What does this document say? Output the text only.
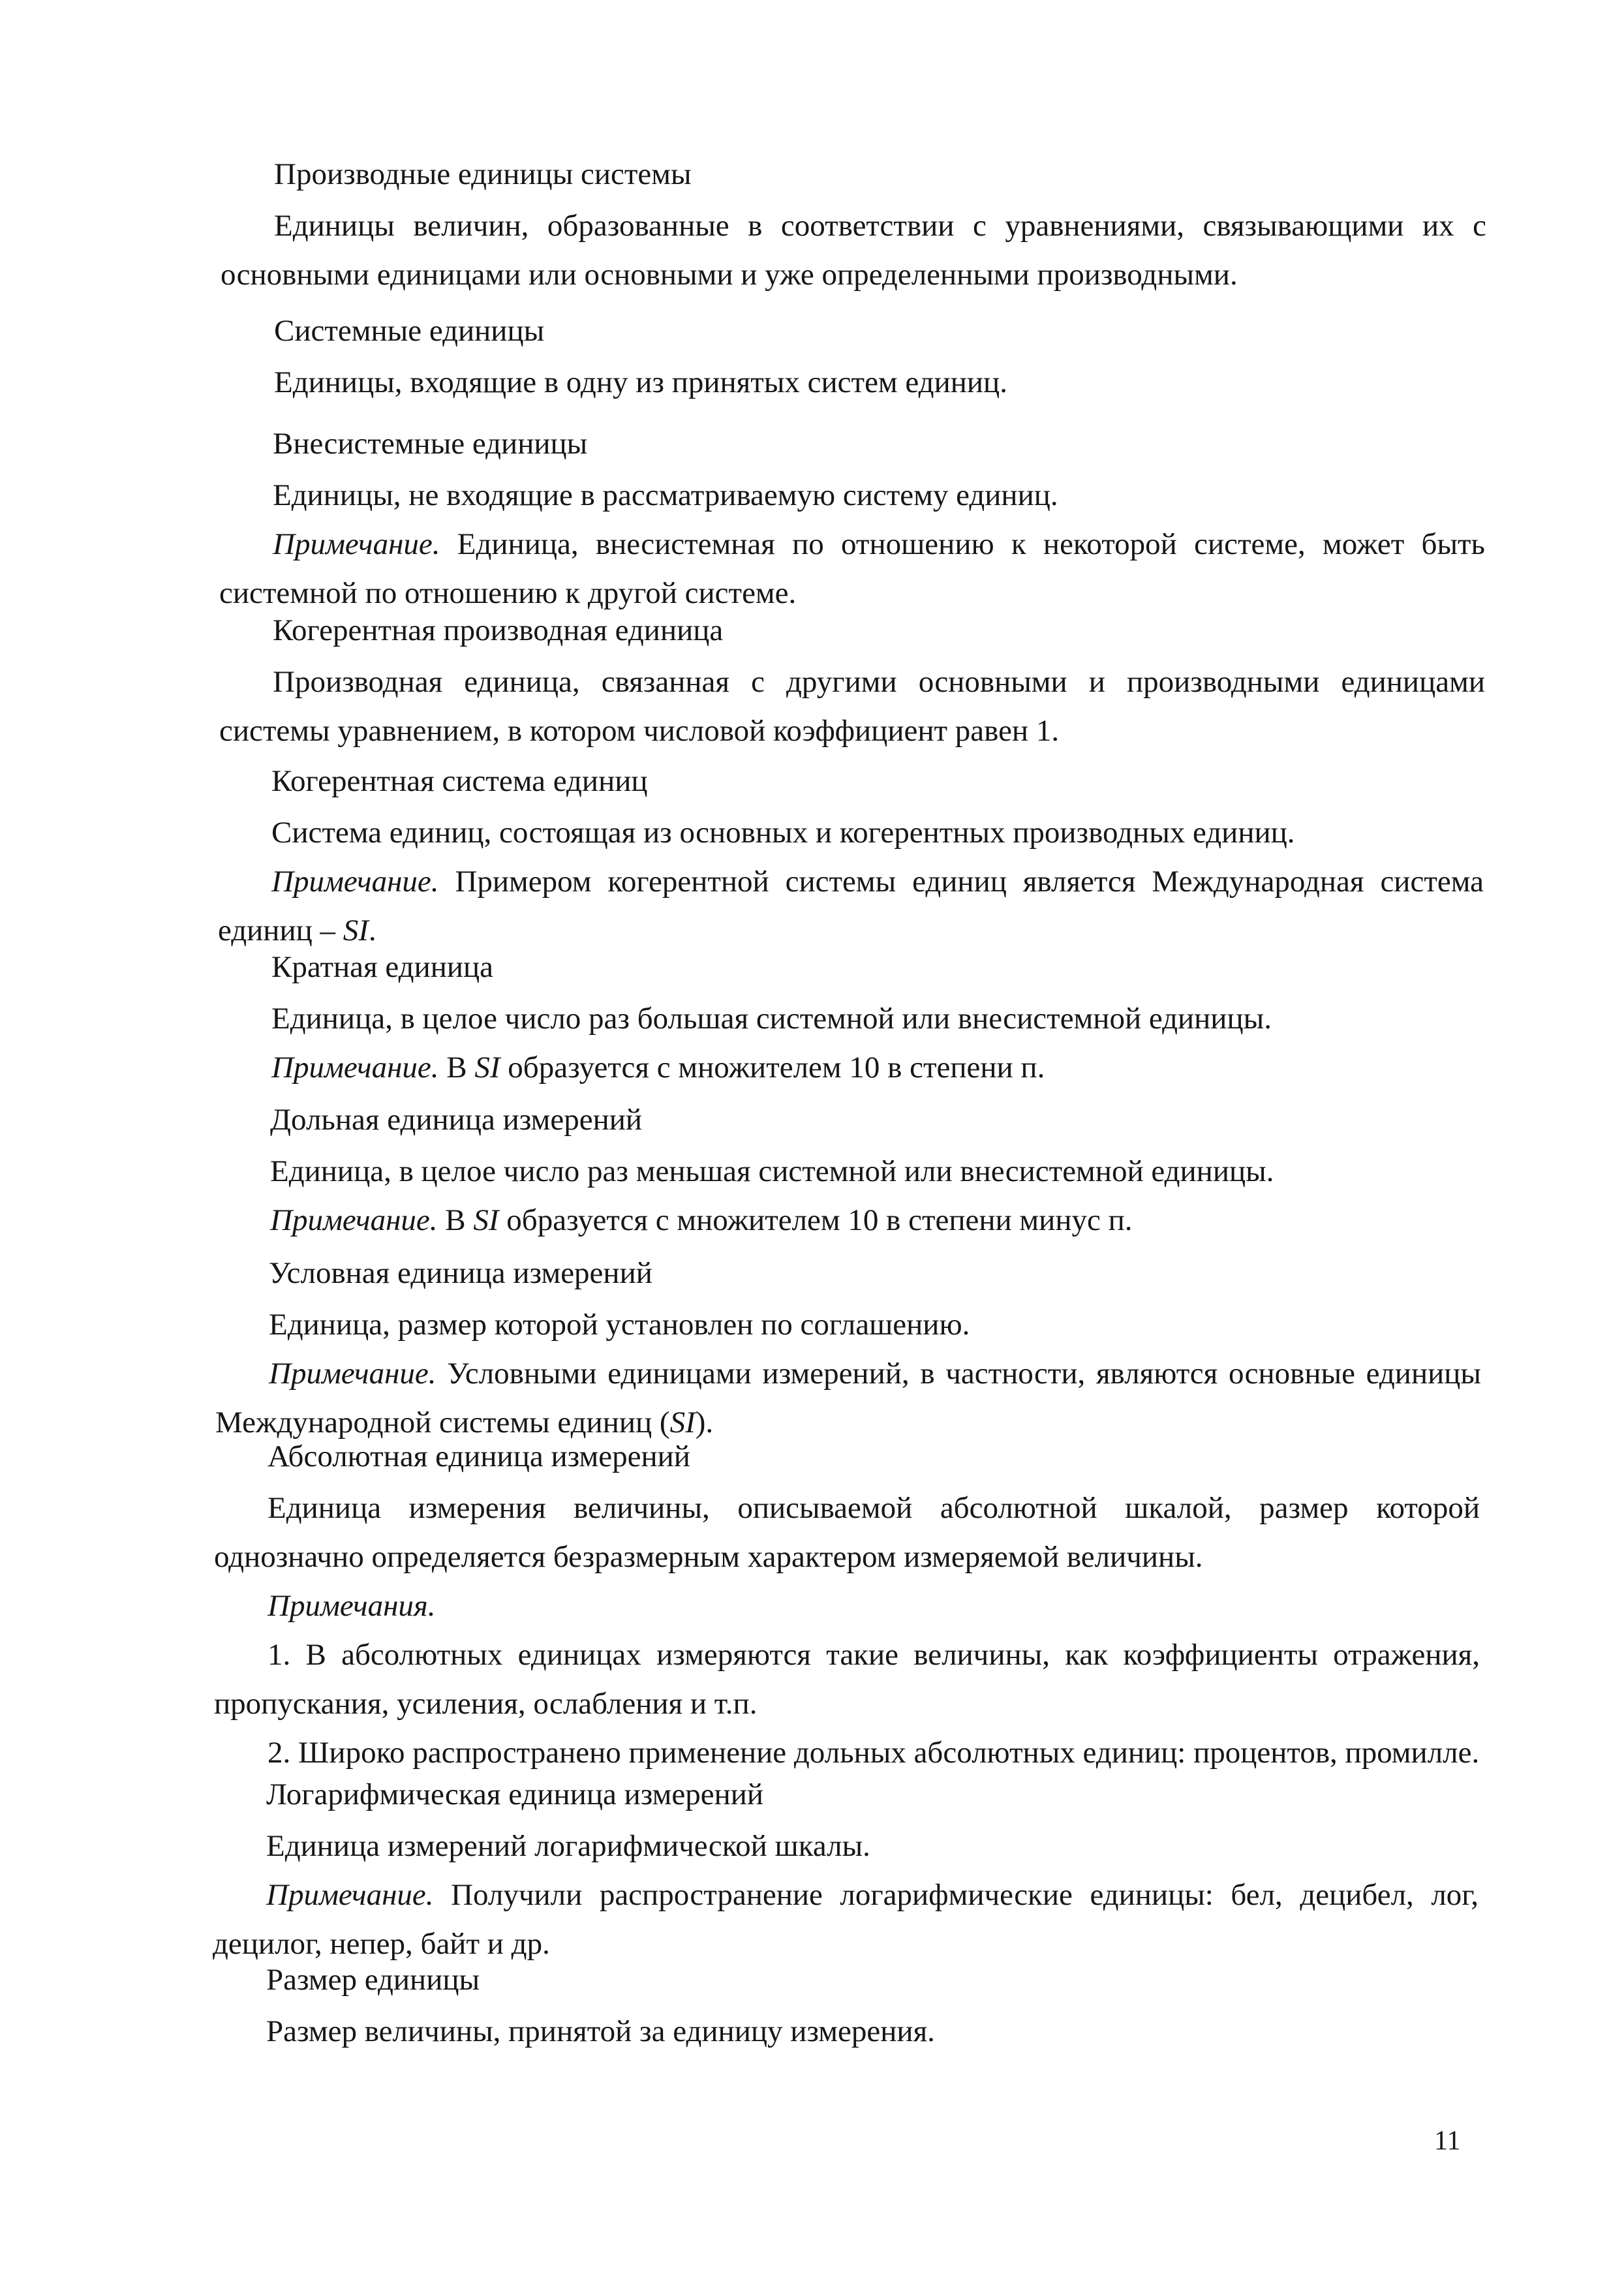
Производные единицы системы
Единицы величин, образованные в соответствии с уравнениями, связывающими их с основными единицами или основными и уже определенными производными.
Системные единицы
Единицы, входящие в одну из принятых систем единиц.
Внесистемные единицы
Единицы, не входящие в рассматриваемую систему единиц.
Примечание. Единица, внесистемная по отношению к некоторой системе, может быть системной по отношению к другой системе.
Когерентная производная единица
Производная единица, связанная с другими основными и производными единицами системы уравнением, в котором числовой коэффициент равен 1.
Когерентная система единиц
Система единиц, состоящая из основных и когерентных производных единиц.
Примечание. Примером когерентной системы единиц является Международная система единиц – SI.
Кратная единица
Единица, в целое число раз большая системной или внесистемной единицы.
Примечание. В SI образуется с множителем 10 в степени п.
Дольная единица измерений
Единица, в целое число раз меньшая системной или внесистемной единицы.
Примечание. В SI образуется с множителем 10 в степени минус п.
Условная единица измерений
Единица, размер которой установлен по соглашению.
Примечание. Условными единицами измерений, в частности, являются основные единицы Международной системы единиц (SI).
Абсолютная единица измерений
Единица измерения величины, описываемой абсолютной шкалой, размер которой однозначно определяется безразмерным характером измеряемой величины.
Примечания.
1. В абсолютных единицах измеряются такие величины, как коэффициенты отражения, пропускания, усиления, ослабления и т.п.
2. Широко распространено применение дольных абсолютных единиц: процентов, промилле.
Логарифмическая единица измерений
Единица измерений логарифмической шкалы.
Примечание. Получили распространение логарифмические единицы: бел, децибел, лог, децилог, непер, байт и др.
Размер единицы
Размер величины, принятой за единицу измерения.
11
